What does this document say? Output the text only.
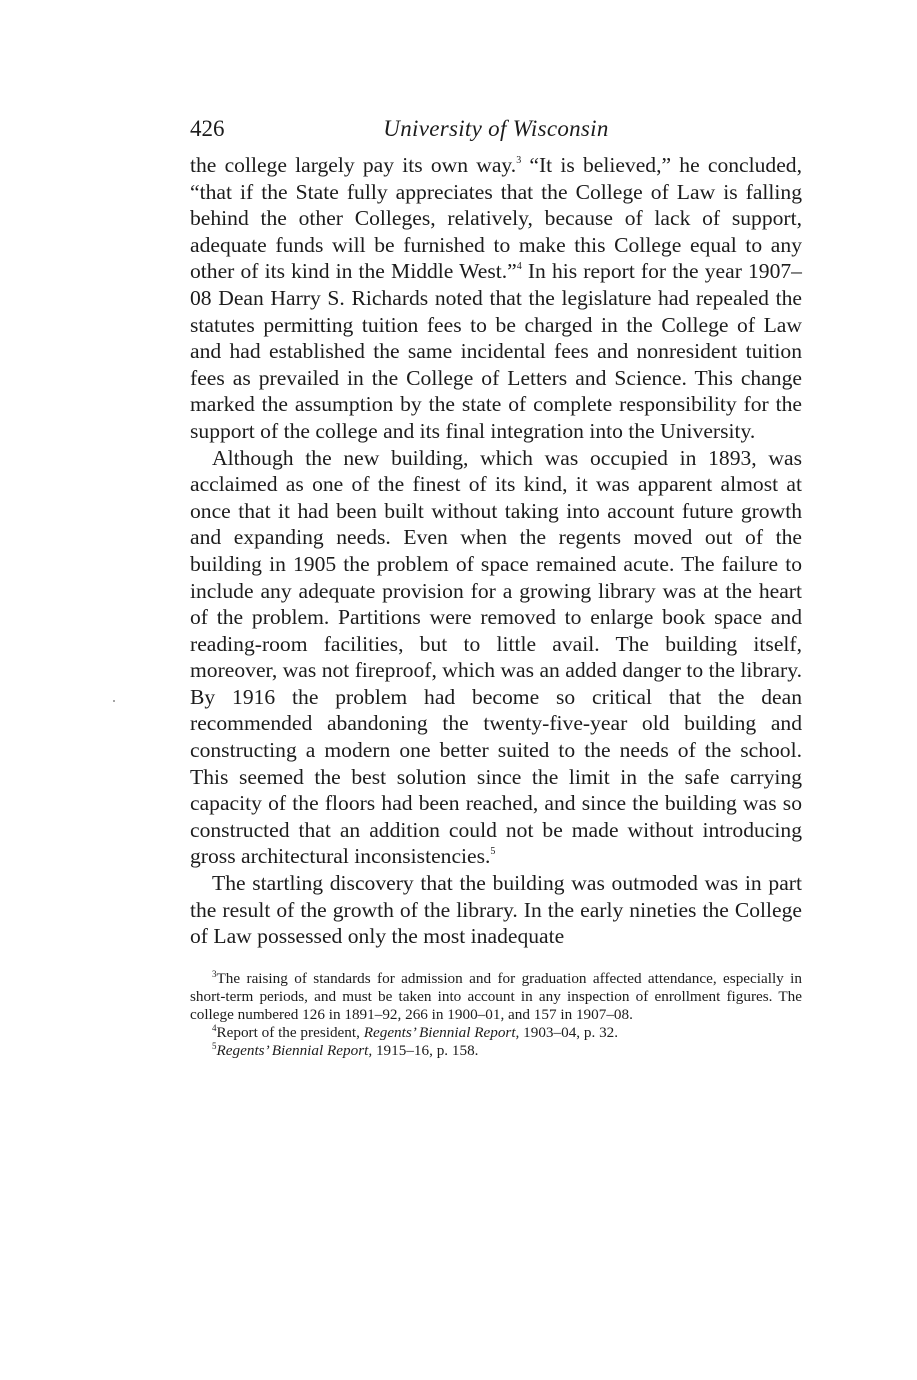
426	University of Wisconsin

the college largely pay its own way.$^3$ “It is believed,” he concluded, “that if the State fully appreciates that the College of Law is falling behind the other Colleges, relatively, because of lack of support, adequate funds will be furnished to make this College equal to any other of its kind in the Middle West.”$^4$ In his report for the year 1907–08 Dean Harry S. Richards noted that the legislature had repealed the statutes permitting tuition fees to be charged in the College of Law and had established the same incidental fees and nonresident tuition fees as prevailed in the College of Letters and Science. This change marked the assumption by the state of complete responsibility for the support of the college and its final integration into the University.

Although the new building, which was occupied in 1893, was acclaimed as one of the finest of its kind, it was apparent almost at once that it had been built without taking into account future growth and expanding needs. Even when the regents moved out of the building in 1905 the problem of space remained acute. The failure to include any adequate provision for a growing library was at the heart of the problem. Partitions were removed to enlarge book space and reading-room facilities, but to little avail. The building itself, moreover, was not fireproof, which was an added danger to the library. By 1916 the problem had become so critical that the dean recommended abandoning the twenty-five-year old building and constructing a modern one better suited to the needs of the school. This seemed the best solution since the limit in the safe carrying capacity of the floors had been reached, and since the building was so constructed that an addition could not be made without introducing gross architectural inconsistencies.$^5$

The startling discovery that the building was outmoded was in part the result of the growth of the library. In the early nineties the College of Law possessed only the most inadequate

$^3$The raising of standards for admission and for graduation affected attendance, especially in short-term periods, and must be taken into account in any inspection of enrollment figures. The college numbered 126 in 1891–92, 266 in 1900–01, and 157 in 1907–08.

$^4$Report of the president, Regents’ Biennial Report, 1903–04, p. 32.

$^5$Regents’ Biennial Report, 1915–16, p. 158.
